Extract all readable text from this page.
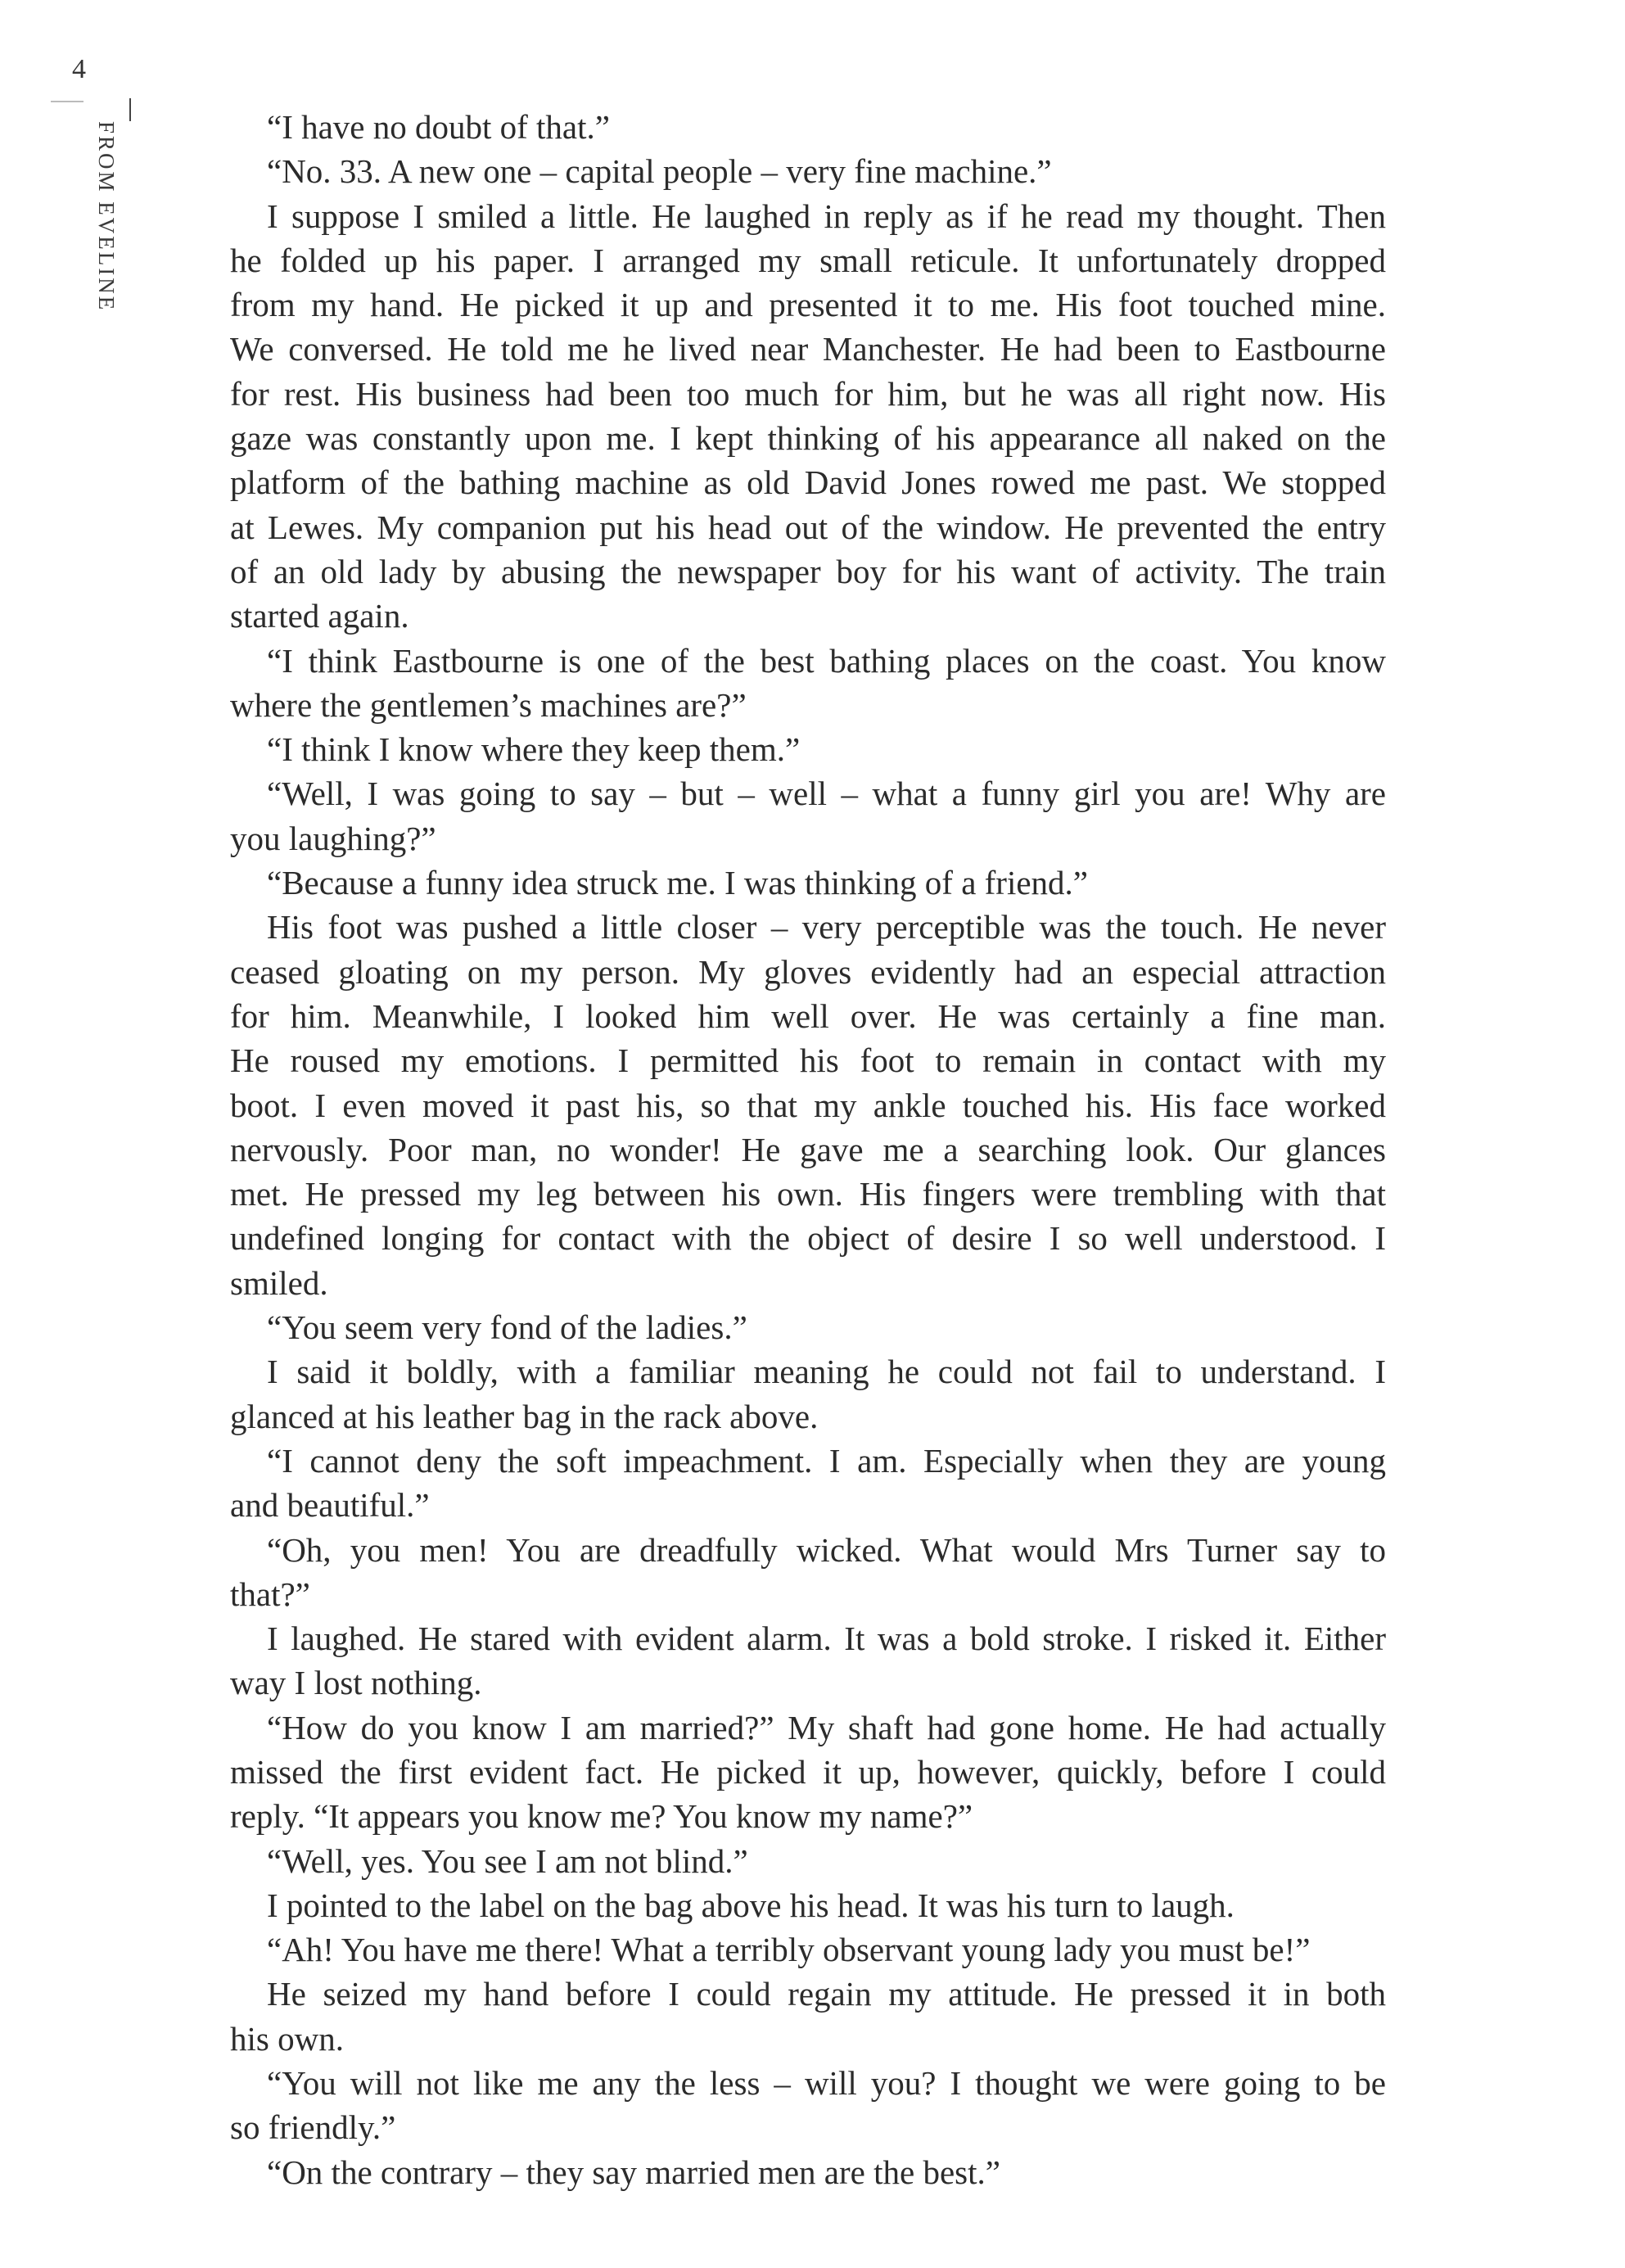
4
FROM EVELINE	“I have no doubt of that.”
“No. 33. A new one – capital people – very fine machine.”
I suppose I smiled a little. He laughed in reply as if he read my thought. Then
he folded up his paper. I arranged my small reticule. It unfortunately dropped
from my hand. He picked it up and presented it to me. His foot touched mine.
We conversed. He told me he lived near Manchester. He had been to Eastbourne
for rest. His business had been too much for him, but he was all right now. His
gaze was constantly upon me. I kept thinking of his appearance all naked on the
platform of the bathing machine as old David Jones rowed me past. We stopped
at Lewes. My companion put his head out of the window. He prevented the entry
of an old lady by abusing the newspaper boy for his want of activity. The train
started again.
“I think Eastbourne is one of the best bathing places on the coast. You know
where the gentlemen’s machines are?”
“I think I know where they keep them.”
“Well, I was going to say – but – well – what a funny girl you are! Why are
you laughing?”
“Because a funny idea struck me. I was thinking of a friend.”
His foot was pushed a little closer – very perceptible was the touch. He never
ceased gloating on my person. My gloves evidently had an especial attraction
for him. Meanwhile, I looked him well over. He was certainly a fine man.
He roused my emotions. I permitted his foot to remain in contact with my
boot. I even moved it past his, so that my ankle touched his. His face worked
nervously. Poor man, no wonder! He gave me a searching look. Our glances
met. He pressed my leg between his own. His fingers were trembling with that
undefined longing for contact with the object of desire I so well understood. I
smiled.
“You seem very fond of the ladies.”
I said it boldly, with a familiar meaning he could not fail to understand. I
glanced at his leather bag in the rack above.
“I cannot deny the soft impeachment. I am. Especially when they are young
and beautiful.”
“Oh, you men! You are dreadfully wicked. What would Mrs Turner say to
that?”
I laughed. He stared with evident alarm. It was a bold stroke. I risked it. Either
way I lost nothing.
“How do you know I am married?” My shaft had gone home. He had actually
missed the first evident fact. He picked it up, however, quickly, before I could
reply. “It appears you know me? You know my name?”
“Well, yes. You see I am not blind.”
I pointed to the label on the bag above his head. It was his turn to laugh.
“Ah! You have me there! What a terribly observant young lady you must be!”
He seized my hand before I could regain my attitude. He pressed it in both
his own.
“You will not like me any the less – will you? I thought we were going to be
so friendly.”
“On the contrary – they say married men are the best.”
